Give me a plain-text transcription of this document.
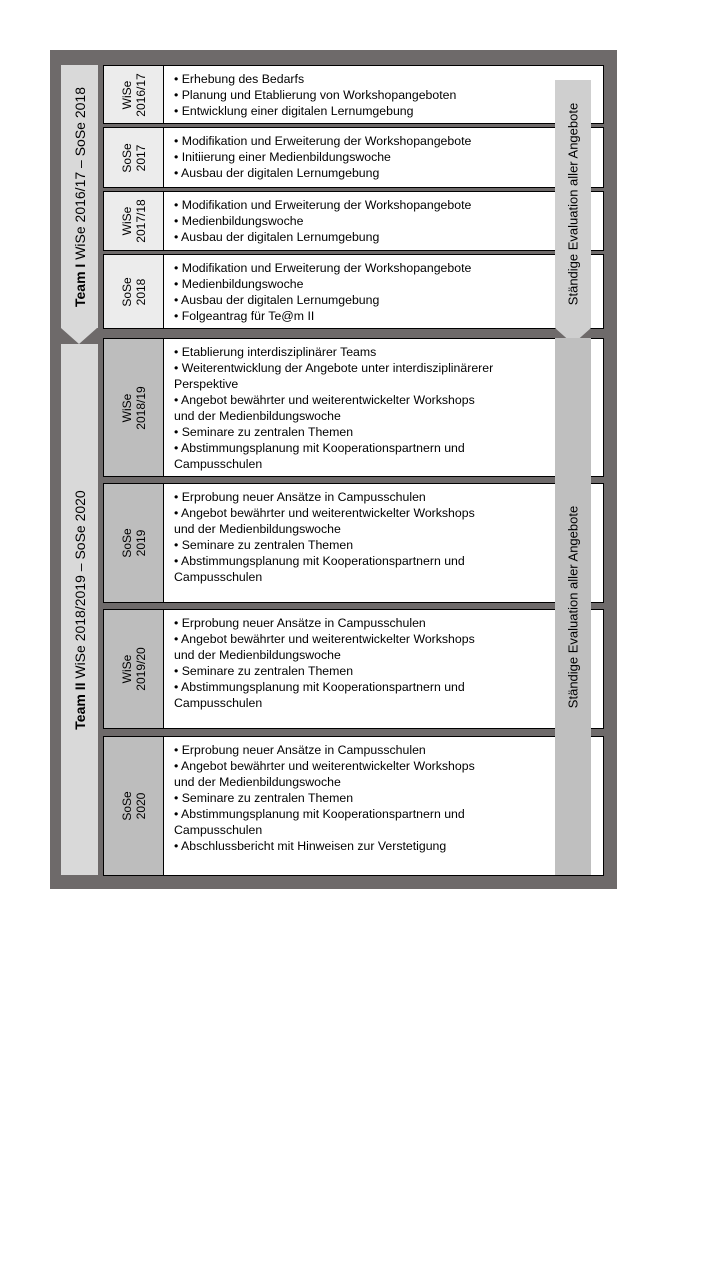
Team I WiSe 2016/17 – SoSe 2018
Team II WiSe 2018/2019 – SoSe 2020
WiSe 2016/17 • Erhebung des Bedarfs
• Planung und Etablierung von Workshopangeboten
• Entwicklung einer digitalen Lernumgebung
SoSe 2017
• Modifikation und Erweiterung der Workshopangebote
• Initiierung einer Medienbildungswoche
• Ausbau der digitalen Lernumgebung
WiSe 2017/18 • Modifikation und Erweiterung der Workshopangebote
• Medienbildungswoche
• Ausbau der digitalen Lernumgebung
SoSe 2018
• Modifikation und Erweiterung der Workshopangebote
• Medienbildungswoche
• Ausbau der digitalen Lernumgebung
• Folgeantrag für Te@m II
WiSe 2018/19
• Etablierung interdisziplinärer Teams
• Weiterentwicklung der Angebote unter interdisziplinärerer
Perspektive
• Angebot bewährter und weiterentwickelter Workshops
und der Medienbildungswoche
• Seminare zu zentralen Themen
• Abstimmungsplanung mit Kooperationspartnern und
Campusschulen
SoSe 2019
• Erprobung neuer Ansätze in Campusschulen
• Angebot bewährter und weiterentwickelter Workshops
und der Medienbildungswoche
• Seminare zu zentralen Themen
• Abstimmungsplanung mit Kooperationspartnern und
Campusschulen
WiSe 2019/20
• Erprobung neuer Ansätze in Campusschulen
• Angebot bewährter und weiterentwickelter Workshops
und der Medienbildungswoche
• Seminare zu zentralen Themen
• Abstimmungsplanung mit Kooperationspartnern und
Campusschulen
SoSe 2020
• Erprobung neuer Ansätze in Campusschulen
• Angebot bewährter und weiterentwickelter Workshops
und der Medienbildungswoche
• Seminare zu zentralen Themen
• Abstimmungsplanung mit Kooperationspartnern und
Campusschulen
• Abschlussbericht mit Hinweisen zur Verstetigung
Ständige Evaluation aller Angebote
Ständige Evaluation aller Angebote
